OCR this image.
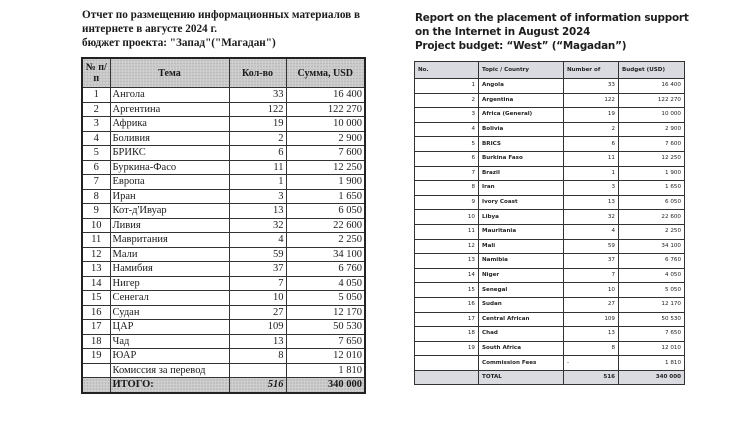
Отчет по размещению информационных материалов в
интернете в августе 2024 г.
бюджет проекта: "Запад"("Магадан")
№ п/п	Тема	Кол-во	Сумма, USD
1	Ангола	33	16 400
2	Аргентина	122	122 270
3	Африка	19	10 000
4	Боливия	2	2 900
5	БРИКС	6	7 600
6	Буркина-Фасо	11	12 250
7	Европа	1	1 900
8	Иран	3	1 650
9	Кот-д'Ивуар	13	6 050
10	Ливия	32	22 600
11	Мавритания	4	2 250
12	Мали	59	34 100
13	Намибия	37	6 760
14	Нигер	7	4 050
15	Сенегал	10	5 050
16	Судан	27	12 170
17	ЦАР	109	50 530
18	Чад	13	7 650
19	ЮАР	8	12 010
	Комиссия за перевод		1 810
	ИТОГО:	516	340 000
Report on the placement of information support
on the Internet in August 2024
Project budget: “West” (“Magadan”)
No.	Topic / Country	Number of	Budget (USD)
1	Angola	33	16 400
2	Argentina	122	122 270
3	Africa (General)	19	10 000
4	Bolivia	2	2 900
5	BRICS	6	7 600
6	Burkina Faso	11	12 250
7	Brazil	1	1 900
8	Iran	3	1 650
9	Ivory Coast	13	6 050
10	Libya	32	22 600
11	Mauritania	4	2 250
12	Mali	59	34 100
13	Namibia	37	6 760
14	Niger	7	4 050
15	Senegal	10	5 050
16	Sudan	27	12 170
17	Central African	109	50 530
18	Chad	13	7 650
19	South Africa	8	12 010
	Commission Fees	-	1 810
	TOTAL	516	340 000
